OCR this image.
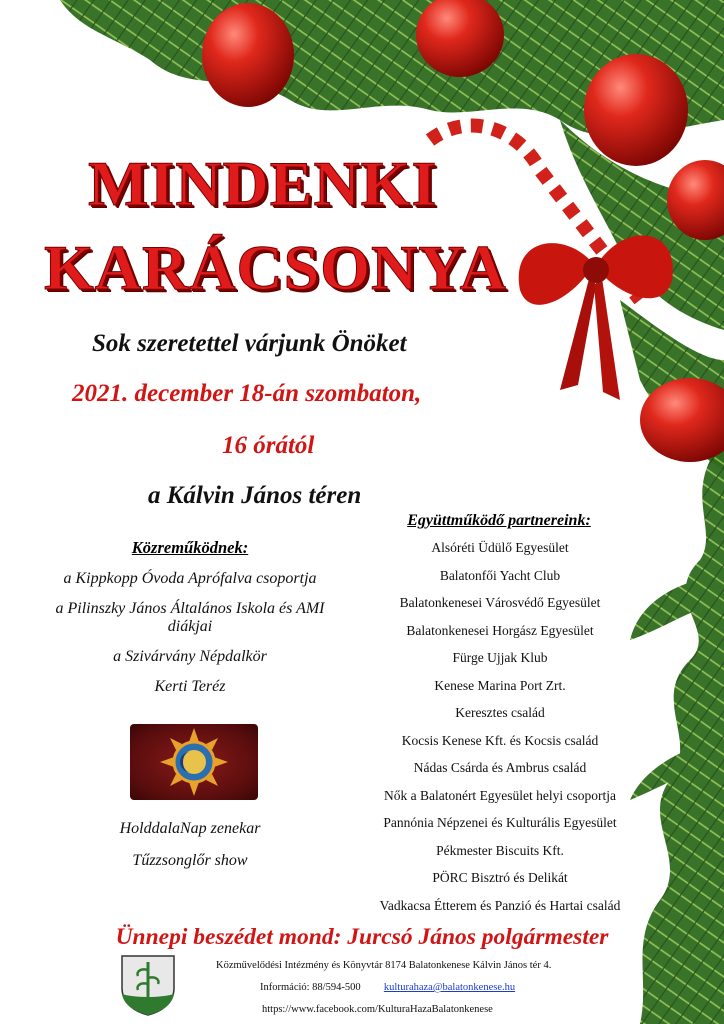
MINDENKI
KARÁCSONYA
Sok szeretettel várjunk Önöket
2021. december 18-án szombaton,
16 órától
a Kálvin János téren
Közreműködnek:
a Kippkopp Óvoda Aprófalva csoportja
a Pilinszky János Általános Iskola és AMI
diákjai
a Szivárvány Népdalkör
Kerti Teréz
HolddalaNap zenekar
Tűzzsonglőr show
Együttműködő partnereink:
Alsóréti Üdülő Egyesület
Balatonfői Yacht Club
Balatonkenesei Városvédő Egyesület
Balatonkenesei Horgász Egyesület
Fürge Ujjak Klub
Kenese Marina Port Zrt.
Keresztes család
Kocsis Kenese Kft. és Kocsis család
Nádas Csárda és Ambrus család
Nők a Balatonért Egyesület helyi csoportja
Pannónia Népzenei és Kulturális Egyesület
Pékmester Biscuits Kft.
PÖRC Bisztró és Delikát
Vadkacsa Étterem és Panzió és Hartai család
Ünnepi beszédet mond: Jurcsó János polgármester
Közművelődési Intézmény és Könyvtár 8174 Balatonkenese Kálvin János tér 4.
Információ: 88/594-500 kulturahaza@balatonkenese.hu
https://www.facebook.com/KulturaHazaBalatonkenese
